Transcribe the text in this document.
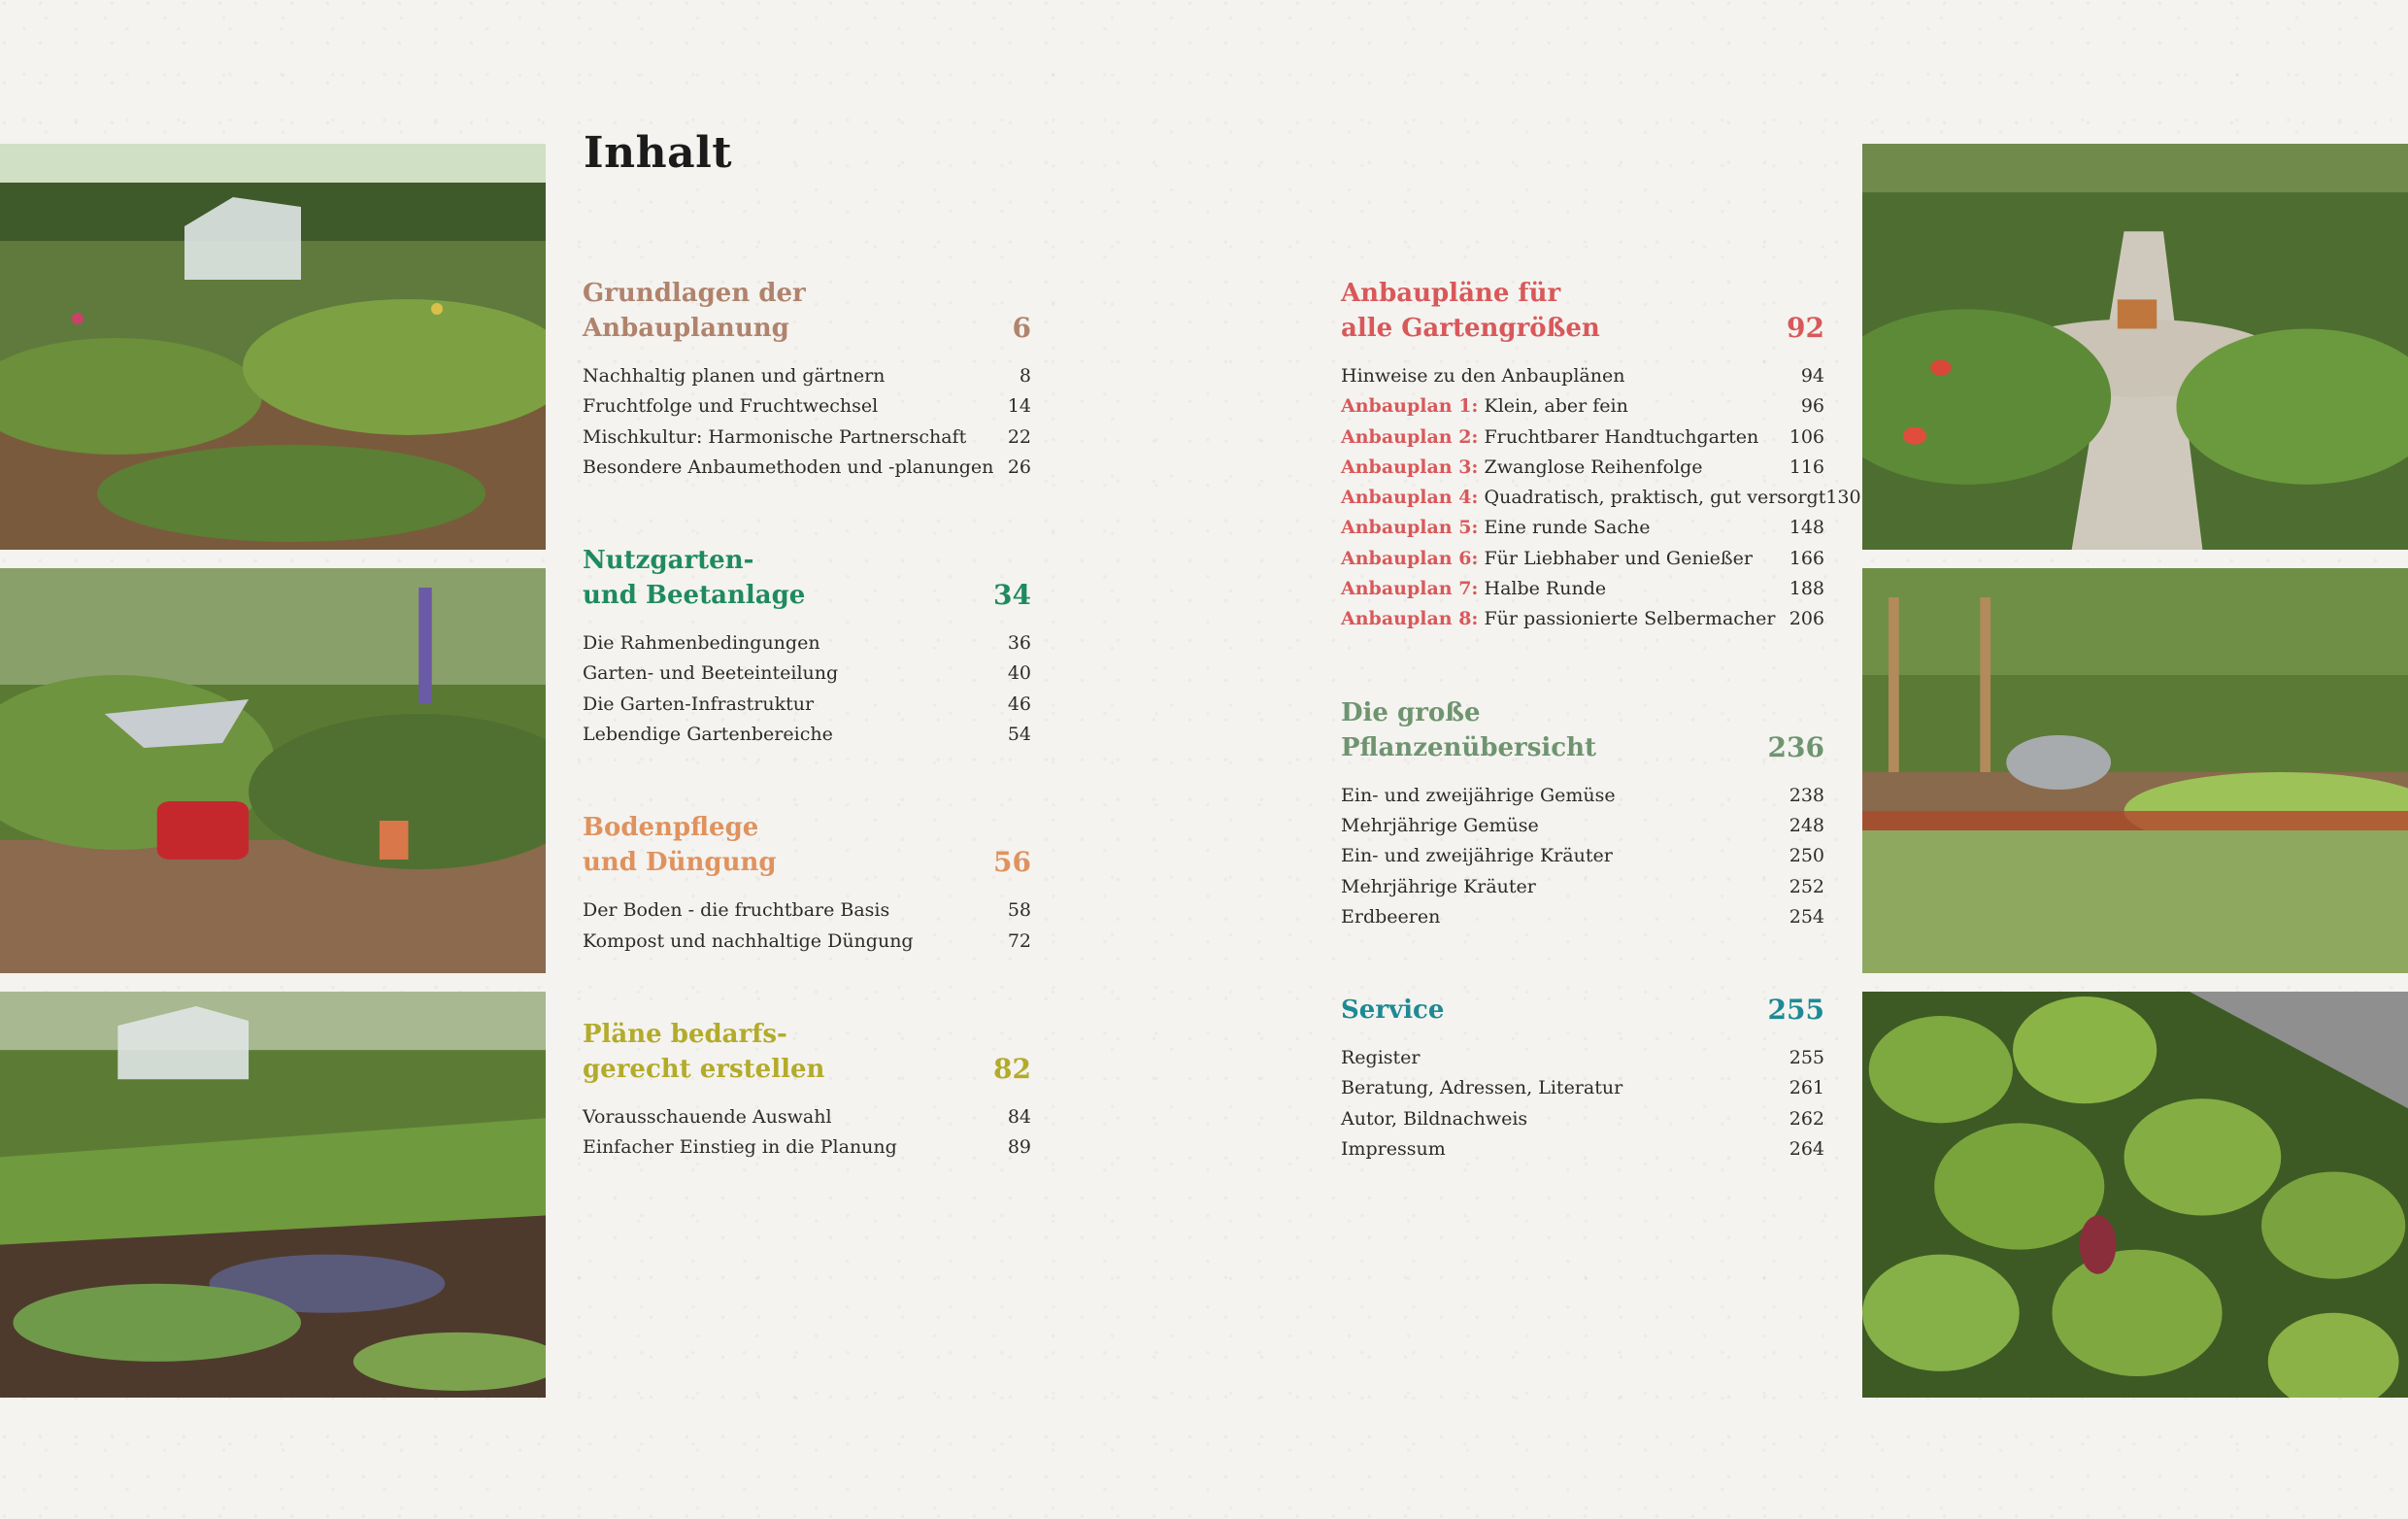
Inhalt
Grundlagen der
Anbauplanung	6
Nachhaltig planen und gärtnern	8
Fruchtfolge und Fruchtwechsel	14
Mischkultur: Harmonische Partnerschaft 22
Besondere Anbaumethoden und -planungen 26
Nutzgarten-
und Beetanlage	34
Die Rahmenbedingungen	36
Garten- und Beeteinteilung	40
Die Garten-Infrastruktur	46
Lebendige Gartenbereiche	54
Bodenpflege
und Düngung	56
Der Boden - die fruchtbare Basis	58
Kompost und nachhaltige Düngung	72
Pläne bedarfs-
gerecht erstellen	82
Vorausschauende Auswahl	84
Einfacher Einstieg in die Planung	89
Anbaupläne für
alle Gartengrößen	92
Hinweise zu den Anbauplänen	94
Anbauplan 1: Klein, aber fein	96
Anbauplan 2: Fruchtbarer Handtuchgarten 106
Anbauplan 3: Zwanglose Reihenfolge	116
Anbauplan 4: Quadratisch, praktisch, gut versorgt 130
Anbauplan 5: Eine runde Sache	148
Anbauplan 6: Für Liebhaber und Genießer 166
Anbauplan 7: Halbe Runde	188
Anbauplan 8: Für passionierte Selbermacher 206
Die große
Pflanzenübersicht	236
Ein- und zweijährige Gemüse	238
Mehrjährige Gemüse	248
Ein- und zweijährige Kräuter	250
Mehrjährige Kräuter	252
Erdbeeren	254
Service	255
Register	255
Beratung, Adressen, Literatur	261
Autor, Bildnachweis	262
Impressum	264
